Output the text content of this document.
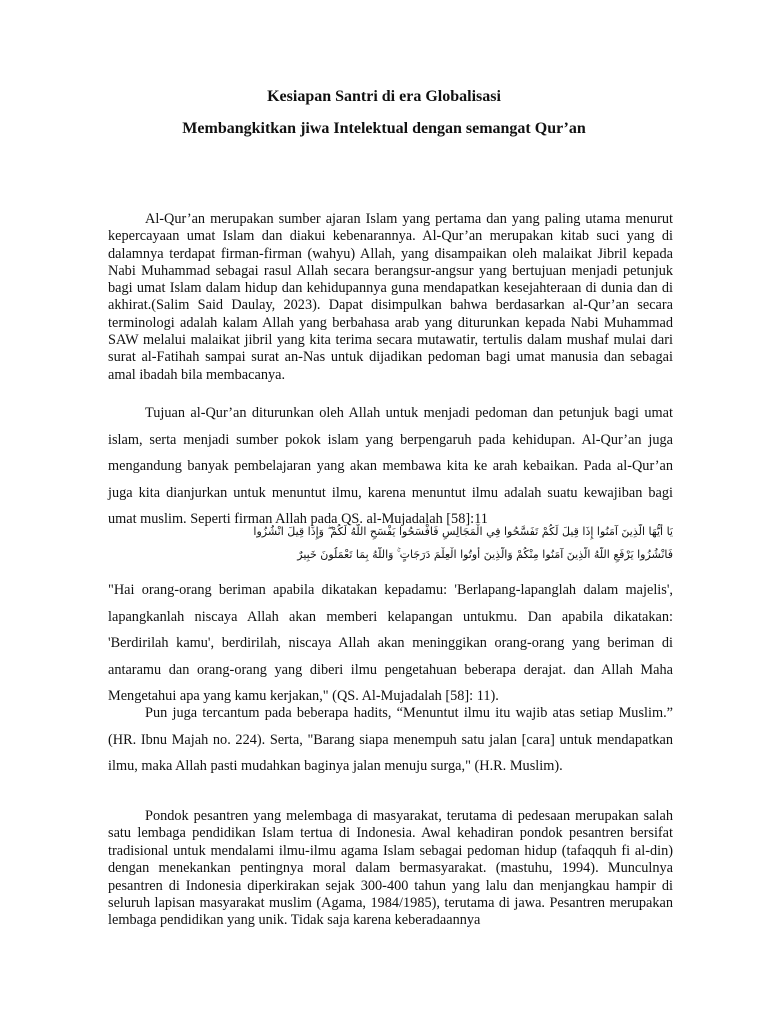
Kesiapan Santri di era Globalisasi
Membangkitkan jiwa Intelektual dengan semangat Qur’an

Al-Qur’an merupakan sumber ajaran Islam yang pertama dan yang paling utama menurut kepercayaan umat Islam dan diakui kebenarannya. Al-Qur’an merupakan kitab suci yang di dalamnya terdapat firman-firman (wahyu) Allah, yang disampaikan oleh malaikat Jibril kepada Nabi Muhammad sebagai rasul Allah secara berangsur-angsur yang bertujuan menjadi petunjuk bagi umat Islam dalam hidup dan kehidupannya guna mendapatkan kesejahteraan di dunia dan di akhirat.(Salim Said Daulay, 2023). Dapat disimpulkan bahwa berdasarkan al-Qur’an secara terminologi adalah kalam Allah yang berbahasa arab yang diturunkan kepada Nabi Muhammad SAW melalui malaikat jibril yang kita terima secara mutawatir, tertulis dalam mushaf mulai dari surat al-Fatihah sampai surat an-Nas untuk dijadikan pedoman bagi umat manusia dan sebagai amal ibadah bila membacanya.

Tujuan al-Qur’an diturunkan oleh Allah untuk menjadi pedoman dan petunjuk bagi umat islam, serta menjadi sumber pokok islam yang berpengaruh pada kehidupan. Al-Qur’an juga mengandung banyak pembelajaran yang akan membawa kita ke arah kebaikan. Pada al-Qur’an juga kita dianjurkan untuk menuntut ilmu, karena menuntut ilmu adalah suatu kewajiban bagi umat muslim. Seperti firman Allah pada QS. al-Mujadalah [58]:11

يَا أَيُّهَا الَّذِينَ آمَنُوا إِذَا قِيلَ لَكُمْ تَفَسَّحُوا فِي الْمَجَالِسِ فَافْسَحُوا يَفْسَحِ اللَّهُ لَكُمْ ۖ وَإِذَا قِيلَ انْشُزُوا

فَانْشُزُوا يَرْفَعِ اللَّهُ الَّذِينَ آمَنُوا مِنْكُمْ وَالَّذِينَ أُوتُوا الْعِلْمَ دَرَجَاتٍ ۚ وَاللَّهُ بِمَا تَعْمَلُونَ خَبِيرٌ

"Hai orang-orang beriman apabila dikatakan kepadamu: 'Berlapang-lapanglah dalam majelis', lapangkanlah niscaya Allah akan memberi kelapangan untukmu. Dan apabila dikatakan: 'Berdirilah kamu', berdirilah, niscaya Allah akan meninggikan orang-orang yang beriman di antaramu dan orang-orang yang diberi ilmu pengetahuan beberapa derajat. dan Allah Maha Mengetahui apa yang kamu kerjakan," (QS. Al-Mujadalah [58]: 11).

Pun juga tercantum pada beberapa hadits, “Menuntut ilmu itu wajib atas setiap Muslim.” (HR. Ibnu Majah no. 224). Serta, "Barang siapa menempuh satu jalan [cara] untuk mendapatkan ilmu, maka Allah pasti mudahkan baginya jalan menuju surga," (H.R. Muslim).

Pondok pesantren yang melembaga di masyarakat, terutama di pedesaan merupakan salah satu lembaga pendidikan Islam tertua di Indonesia. Awal kehadiran pondok pesantren bersifat tradisional untuk mendalami ilmu-ilmu agama Islam sebagai pedoman hidup (tafaqquh fi al-din) dengan menekankan pentingnya moral dalam bermasyarakat. (mastuhu, 1994). Munculnya pesantren di Indonesia diperkirakan sejak 300-400 tahun yang lalu dan menjangkau hampir di seluruh lapisan masyarakat muslim (Agama, 1984/1985), terutama di jawa. Pesantren merupakan lembaga pendidikan yang unik. Tidak saja karena keberadaannya
